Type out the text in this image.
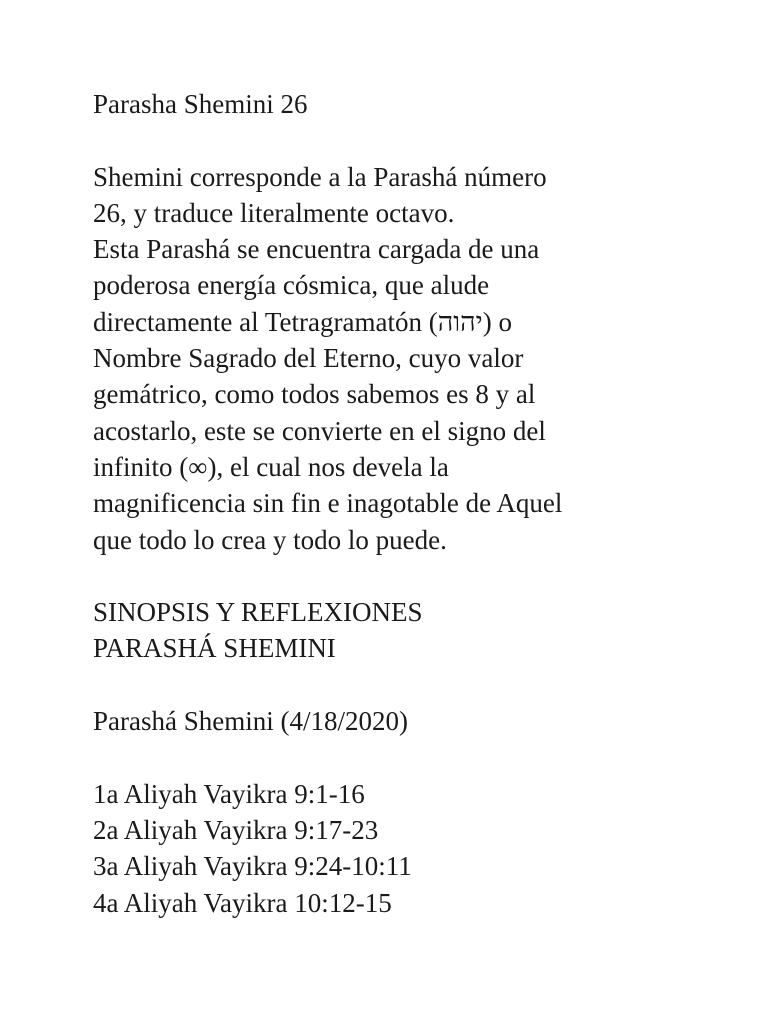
Parasha Shemini 26
Shemini corresponde a la Parashá número
26, y traduce literalmente octavo.
Esta Parashá se encuentra cargada de una
poderosa energía cósmica, que alude
directamente al Tetragramatón (יהוה) o
Nombre Sagrado del Eterno, cuyo valor
gemátrico, como todos sabemos es 8 y al
acostarlo, este se convierte en el signo del
infinito (∞), el cual nos devela la
magnificencia sin fin e inagotable de Aquel
que todo lo crea y todo lo puede.
SINOPSIS Y REFLEXIONES
PARASHÁ SHEMINI
Parashá Shemini (4/18/2020)
1a Aliyah Vayikra 9:1-16
2a Aliyah Vayikra 9:17-23
3a Aliyah Vayikra 9:24-10:11
4a Aliyah Vayikra 10:12-15
